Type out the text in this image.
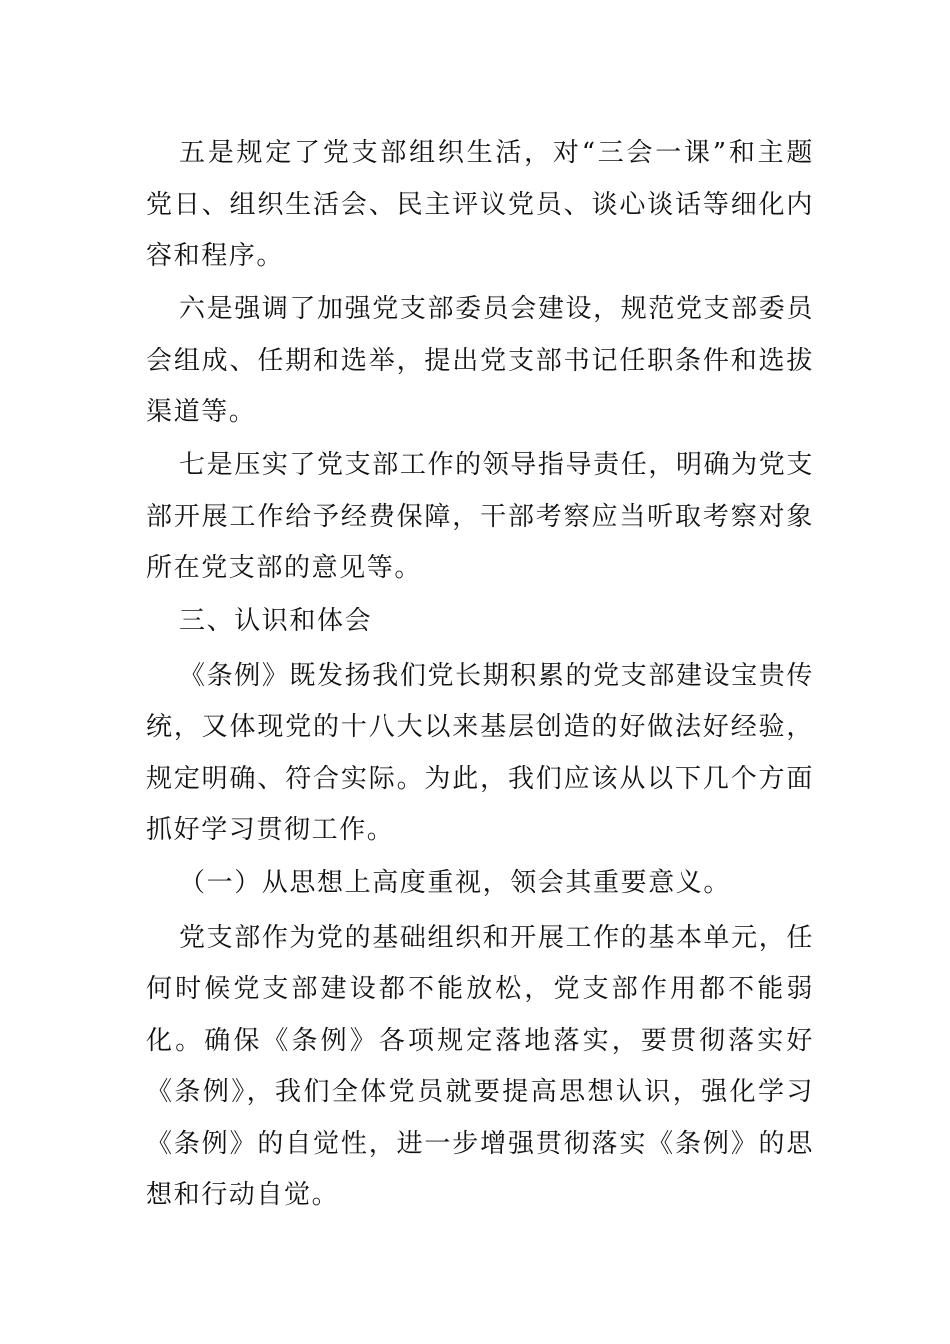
五是规定了党支部组织生活，对“三会一课”和主题党日、组织生活会、民主评议党员、谈心谈话等细化内容和程序。

六是强调了加强党支部委员会建设，规范党支部委员会组成、任期和选举，提出党支部书记任职条件和选拔渠道等。

七是压实了党支部工作的领导指导责任，明确为党支部开展工作给予经费保障，干部考察应当听取考察对象所在党支部的意见等。

三、认识和体会

《条例》既发扬我们党长期积累的党支部建设宝贵传统，又体现党的十八大以来基层创造的好做法好经验，规定明确、符合实际。为此，我们应该从以下几个方面抓好学习贯彻工作。

（一）从思想上高度重视，领会其重要意义。

党支部作为党的基础组织和开展工作的基本单元，任何时候党支部建设都不能放松，党支部作用都不能弱化。确保《条例》各项规定落地落实，要贯彻落实好《条例》，我们全体党员就要提高思想认识，强化学习《条例》的自觉性，进一步增强贯彻落实《条例》的思想和行动自觉。
